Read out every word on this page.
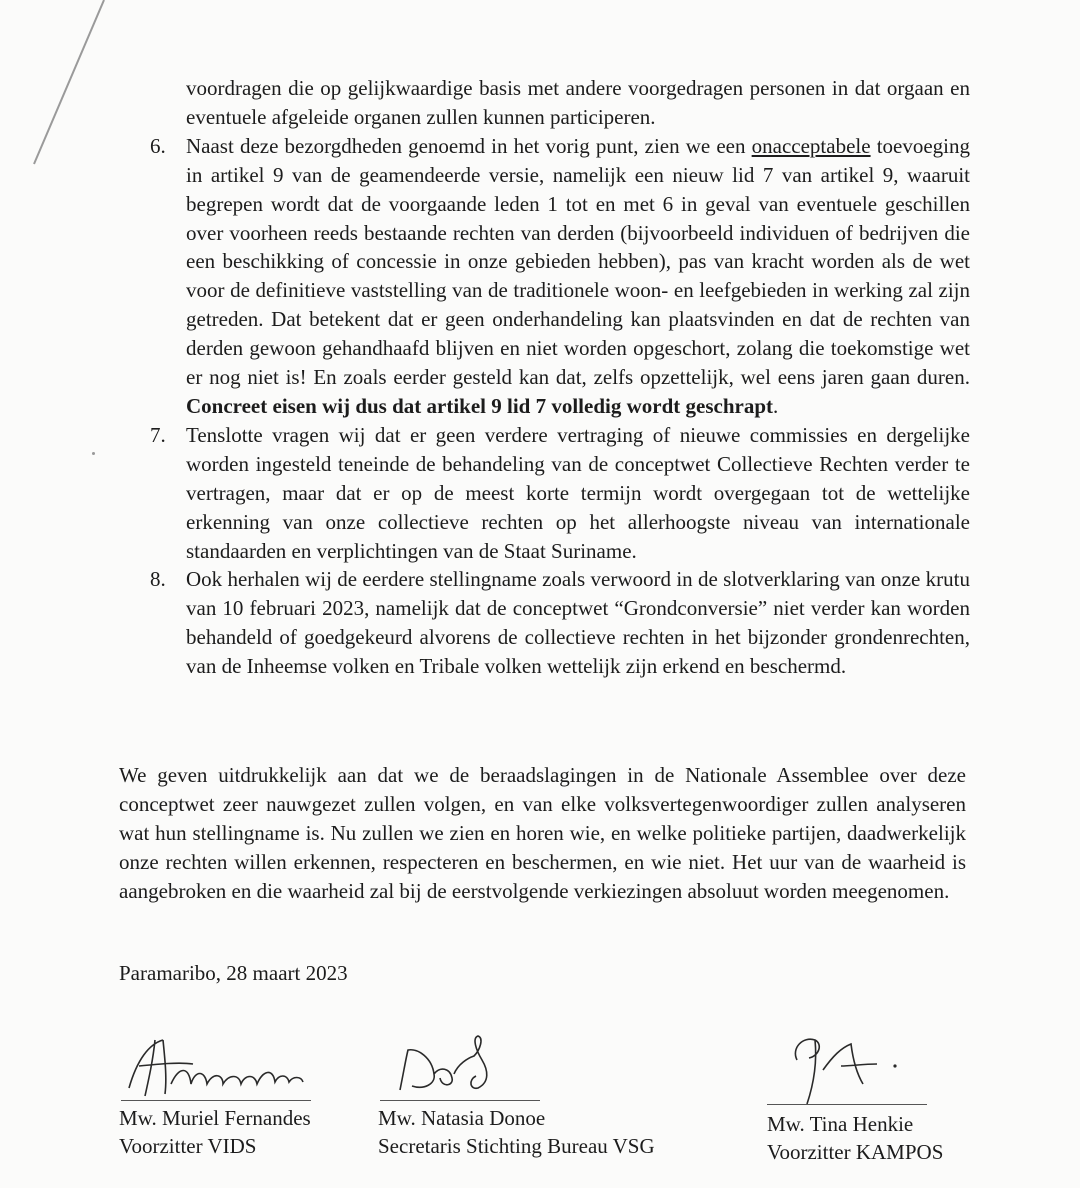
voordragen die op gelijkwaardige basis met andere voorgedragen personen in dat orgaan en eventuele afgeleide organen zullen kunnen participeren.
6. Naast deze bezorgdheden genoemd in het vorig punt, zien we een onacceptabele toevoeging in artikel 9 van de geamendeerde versie, namelijk een nieuw lid 7 van artikel 9, waaruit begrepen wordt dat de voorgaande leden 1 tot en met 6 in geval van eventuele geschillen over voorheen reeds bestaande rechten van derden (bijvoorbeeld individuen of bedrijven die een beschikking of concessie in onze gebieden hebben), pas van kracht worden als de wet voor de definitieve vaststelling van de traditionele woon- en leefgebieden in werking zal zijn getreden. Dat betekent dat er geen onderhandeling kan plaatsvinden en dat de rechten van derden gewoon gehandhaafd blijven en niet worden opgeschort, zolang die toekomstige wet er nog niet is! En zoals eerder gesteld kan dat, zelfs opzettelijk, wel eens jaren gaan duren. Concreet eisen wij dus dat artikel 9 lid 7 volledig wordt geschrapt.
7. Tenslotte vragen wij dat er geen verdere vertraging of nieuwe commissies en dergelijke worden ingesteld teneinde de behandeling van de conceptwet Collectieve Rechten verder te vertragen, maar dat er op de meest korte termijn wordt overgegaan tot de wettelijke erkenning van onze collectieve rechten op het allerhoogste niveau van internationale standaarden en verplichtingen van de Staat Suriname.
8. Ook herhalen wij de eerdere stellingname zoals verwoord in de slotverklaring van onze krutu van 10 februari 2023, namelijk dat de conceptwet “Grondconversie” niet verder kan worden behandeld of goedgekeurd alvorens de collectieve rechten in het bijzonder grondenrechten, van de Inheemse volken en Tribale volken wettelijk zijn erkend en beschermd.

We geven uitdrukkelijk aan dat we de beraadslagingen in de Nationale Assemblee over deze conceptwet zeer nauwgezet zullen volgen, en van elke volksvertegenwoordiger zullen analyseren wat hun stellingname is. Nu zullen we zien en horen wie, en welke politieke partijen, daadwerkelijk onze rechten willen erkennen, respecteren en beschermen, en wie niet. Het uur van de waarheid is aangebroken en die waarheid zal bij de eerstvolgende verkiezingen absoluut worden meegenomen.

Paramaribo, 28 maart 2023

Mw. Muriel Fernandes
Voorzitter VIDS
Mw. Natasia Donoe
Secretaris Stichting Bureau VSG
Mw. Tina Henkie
Voorzitter KAMPOS
